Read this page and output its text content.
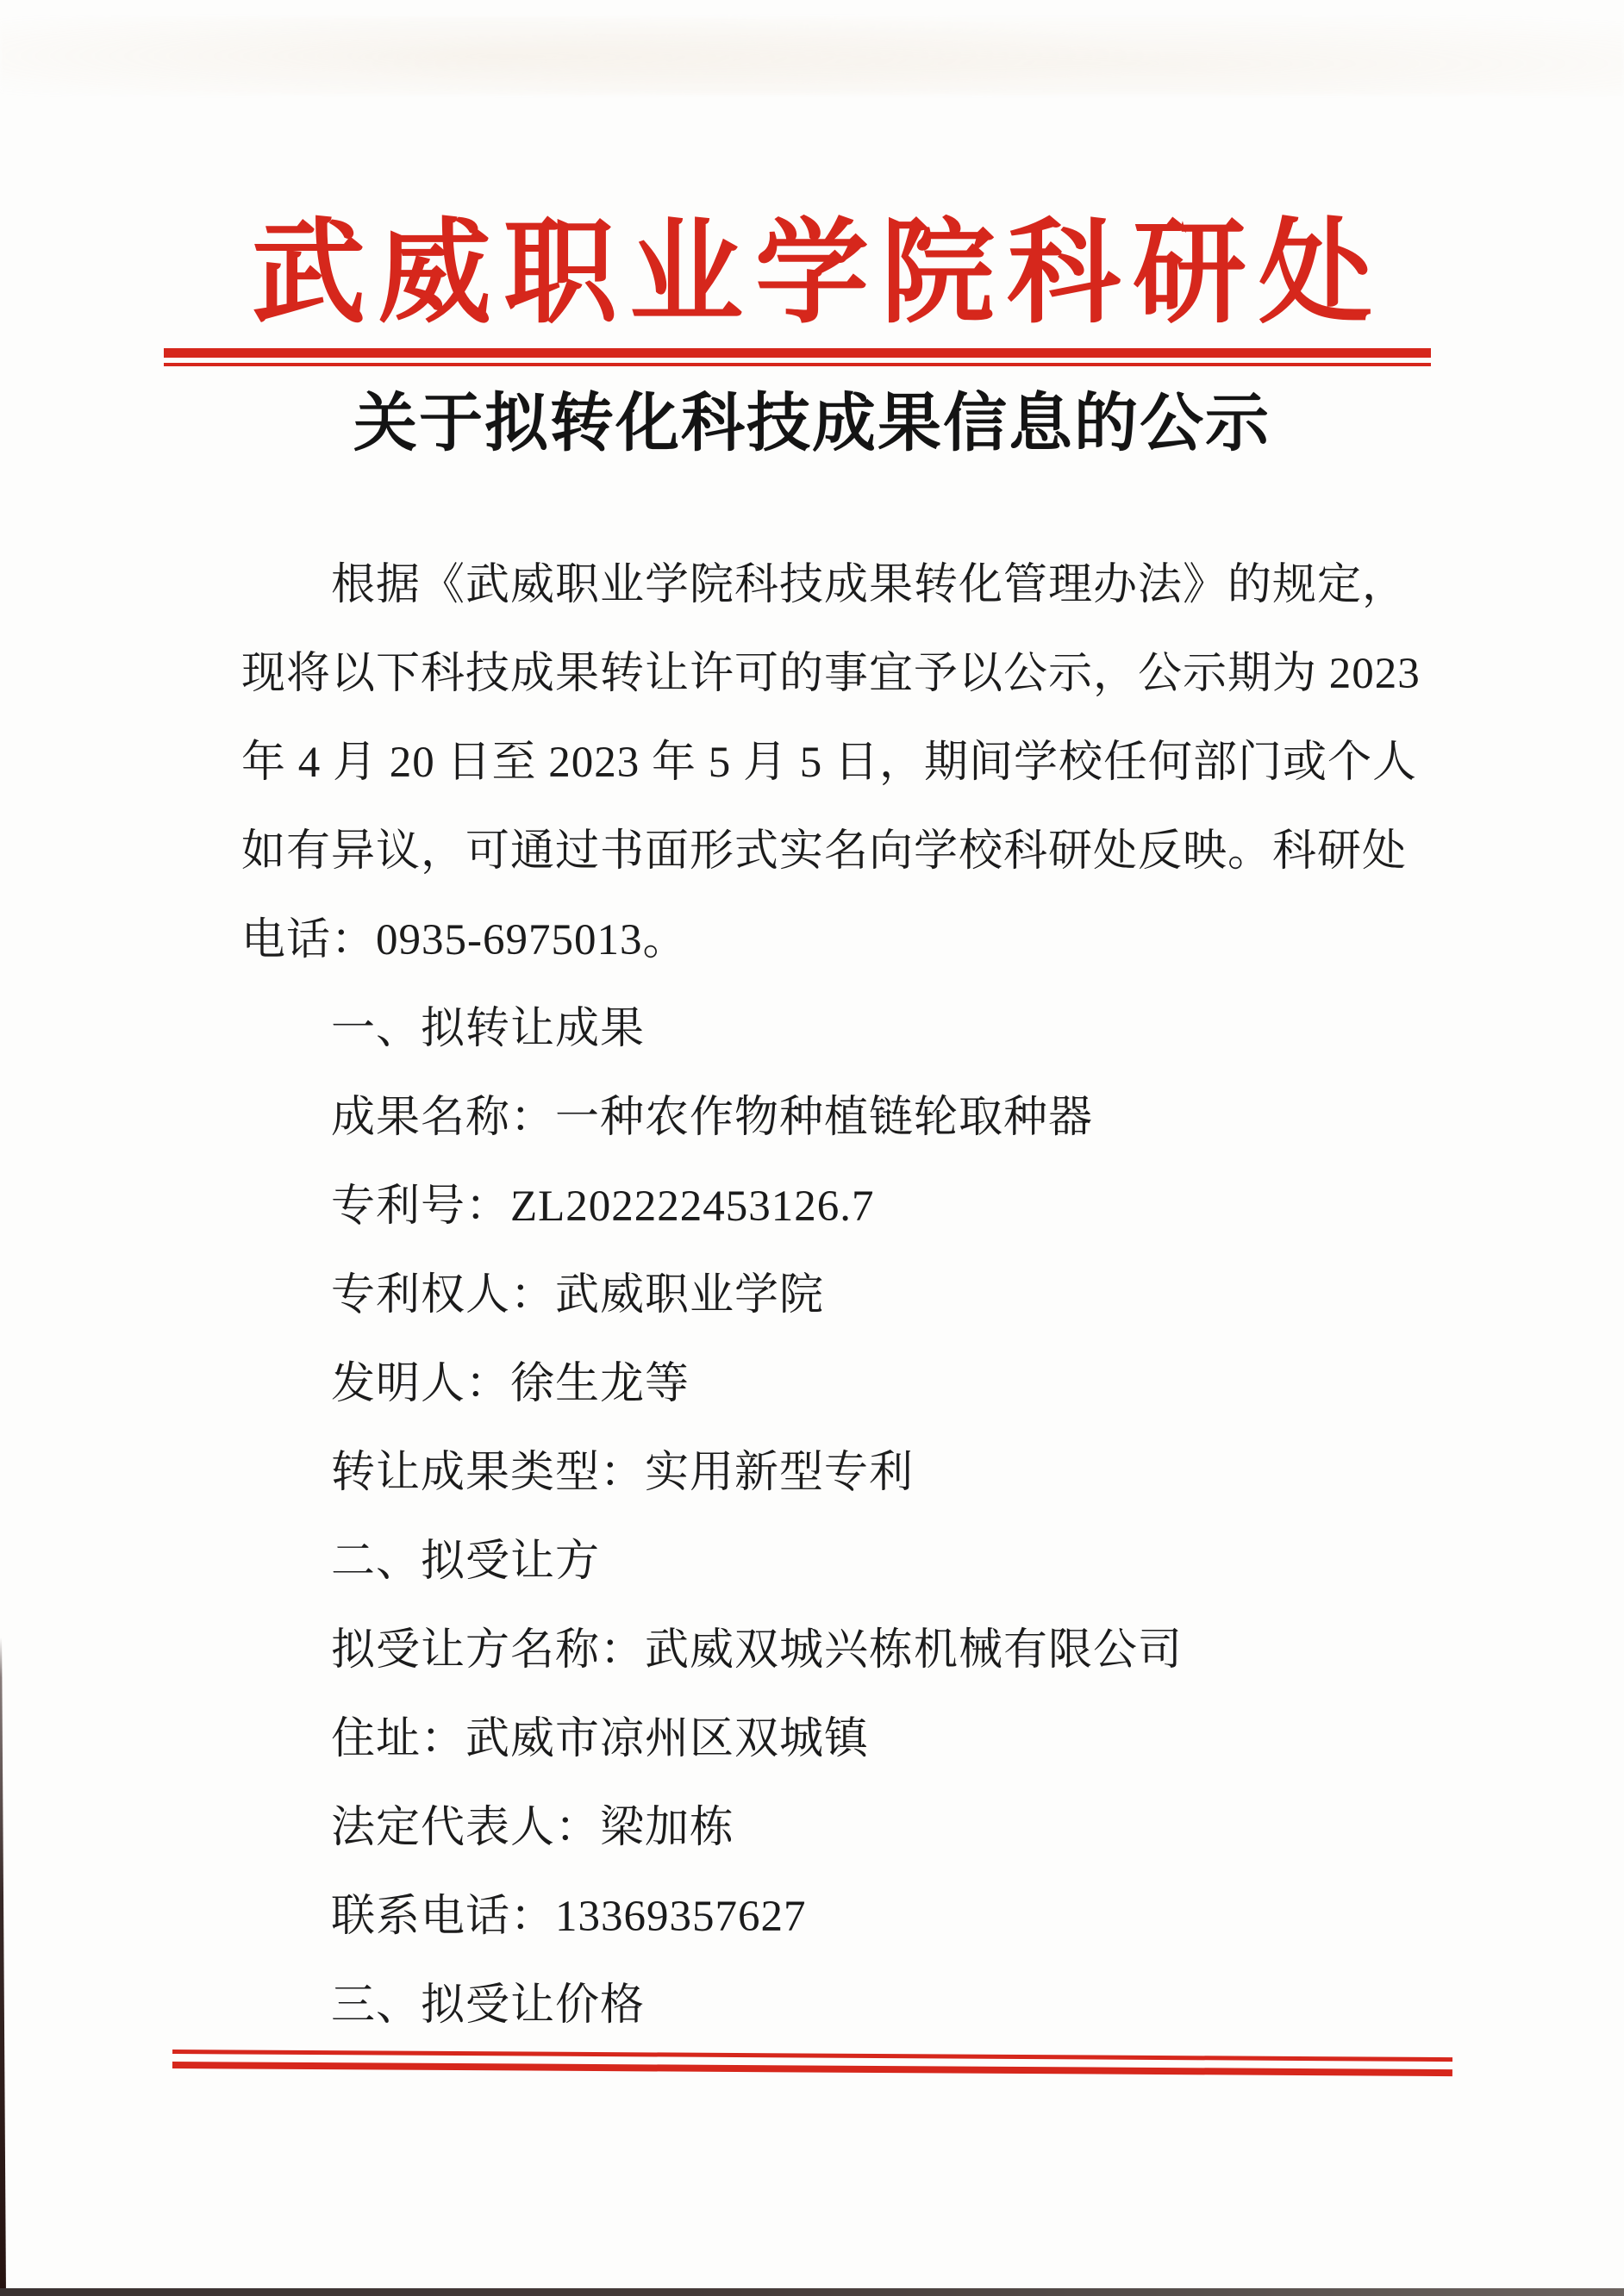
武威职业学院科研处
关于拟转化科技成果信息的公示

根据《武威职业学院科技成果转化管理办法》的规定，

现将以下科技成果转让许可的事宜予以公示，公示期为 2023

年 4 月 20 日至 2023 年 5 月 5 日，期间学校任何部门或个人

如有异议，可通过书面形式实名向学校科研处反映。科研处

电话：0935-6975013。

一、拟转让成果

成果名称：一种农作物种植链轮取种器

专利号：ZL202222453126.7

专利权人：武威职业学院

发明人：徐生龙等

转让成果类型：实用新型专利

二、拟受让方

拟受让方名称：武威双城兴栋机械有限公司

住址：武威市凉州区双城镇

法定代表人：梁加栋

联系电话：13369357627

三、拟受让价格
